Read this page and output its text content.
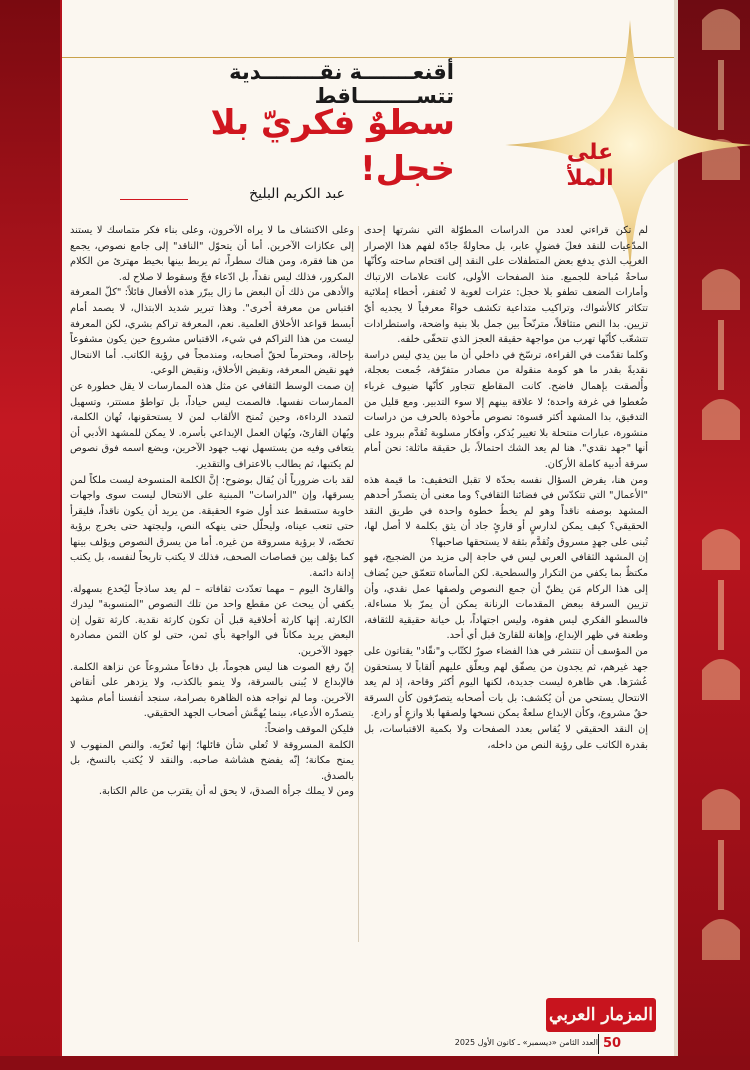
على الملأ
أقنعـــــــة نقــــــــدية تتســــــــاقط
سطوٌ فكريّ بلا خجل!
عبد الكريم البليخ

لم تكن قراءتي لعدد من الدراسات المطوّلة التي نشرتها إحدى المدّعيات للنقد فعلَ فضولٍ عابر، بل محاولةً جادّة لفهم هذا الإصرار الغريب الذي يدفع بعض المتطفلات على النقد إلى اقتحام ساحته وكأنّها ساحةٌ مُباحة للجميع. منذ الصفحات الأولى، كانت علامات الارتباك وأمارات الضعف تطفو بلا خجل: عثرات لغوية لا تُغتفر، أخطاء إملائية تتكاثر كالأشواك، وتراكيب متداعية تكشف خواءً معرفياً لا يجديه أيّ تزيين. بدا النص متثاقلاً، مترنّحاً بين جمل بلا بنية واضحة، واستطرادات تتشعّب كأنّها تهرب من مواجهة حقيقة العجز الذي تتخفّى خلفه.

وكلما تقدّمت في القراءة، ترسّخ في داخلي أن ما بين يدي ليس دراسة نقديةً بقدر ما هو كومة منقولة من مصادر متفرّقة، جُمعت بعجلة، وأُلصقت بإهمال فاضح. كانت المقاطع تتجاور كأنّها ضيوف غرباء ضُغطوا في غرفة واحدة؛ لا علاقة بينهم إلا سوء التدبير. ومع قليل من التدقيق، بدا المشهد أكثر قسوة: نصوص مأخوذة بالحرف من دراسات منشورة، عبارات منتحلة بلا تغيير يُذكر، وأفكار مسلوبة تُقدَّم ببرود على أنها "جهد نقدي". هنا لم يعد الشك احتمالاً، بل حقيقة ماثلة: نحن أمام سرقة أدبية كاملة الأركان.

ومن هنا، يفرض السؤال نفسه بحدّة لا تقبل التخفيف: ما قيمة هذه "الأعمال" التي تتكدّس في فضائنا الثقافي؟ وما معنى أن يتصدّر أحدهم المشهد بوصفه ناقداً وهو لم يخطُ خطوة واحدة في طريق النقد الحقيقي؟ كيف يمكن لدارسٍ أو قارئٍ جاد أن يثق بكلمة لا أصل لها، تُبنى على جهدٍ مسروق وتُقدَّم بثقة لا يستحقها صاحبها؟

إن المشهد الثقافي العربي ليس في حاجة إلى مزيد من الضجيج، فهو مكتظٌ بما يكفي من التكرار والسطحية. لكن المأساة تتعمّق حين يُضاف إلى هذا الركام مَن يظنّ أن جمع النصوص ولصقها عمل نقدي، وأن تزيين السرقة ببعض المقدمات الرنانة يمكن أن يمرّ بلا مساءلة. فالسطو الفكري ليس هفوة، وليس اجتهاداً، بل خيانة حقيقية للثقافة، وطعنة في ظهر الإبداع، وإهانة للقارئ قبل أي أحد.

من المؤسف أن تنتشر في هذا الفضاء صورٌ لكتّاب و"نقّاد" يقتاتون على جهد غيرهم، ثم يجدون من يصفّق لهم ويعلّق عليهم ألقاباً لا يستحقون عُشرَها. هي ظاهرة ليست جديدة، لكنها اليوم أكثر وقاحة، إذ لم يعد الانتحال يستحي من أن يُكشف: بل بات أصحابه يتصرّفون كأن السرقة حقٌ مشروع، وكأن الإبداع سلعةٌ يمكن نسخها ولصقها بلا وازعٍ أو رادع.

إن النقد الحقيقي لا يُقاس بعدد الصفحات ولا بكمية الاقتباسات، بل بقدرة الكاتب على رؤية النص من داخله،

وعلى الاكتشاف ما لا يراه الآخرون، وعلى بناء فكر متماسك لا يستند إلى عكازات الآخرين. أما أن يتحوّل "الناقد" إلى جامع نصوص، يجمع من هنا فقرة، ومن هناك سطراً، ثم يربط بينها بخيط مهترئ من الكلام المكرور، فذلك ليس نقداً، بل ادّعاء فجّ وسقوط لا صلاح له.

والأدهى من ذلك أن البعض ما زال يبرّر هذه الأفعال قائلاً: "كلّ المعرفة اقتباس من معرفة أخرى". وهذا تبرير شديد الابتذال، لا يصمد أمام أبسط قواعد الأخلاق العلمية. نعم، المعرفة تراكم بشري، لكن المعرفة ليست من هذا التراكم في شيء، الاقتباس مشروع حين يكون مشفوعاً بإحالة، ومحترماً لحقّ أصحابه، ومندمجاً في رؤية الكاتب. أما الانتحال فهو نقيض المعرفة، ونقيض الأخلاق، ونقيض الوعي.

إن صمت الوسط الثقافي عن مثل هذه الممارسات لا يقل خطورة عن الممارسات نفسها. فالصمت ليس حياداً، بل تواطؤ مستتر، وتسهيل لتمدد الرداءة، وحين تُمنح الألقاب لمن لا يستحقونها، تُهان الكلمة، ويُهان القارئ، ويُهان العمل الإبداعي بأسره. لا يمكن للمشهد الأدبي أن يتعافى وفيه من يستسهل نهب جهود الآخرين، ويضع اسمه فوق نصوص لم يكتبها، ثم يطالب بالاعتراف والتقدير.

لقد بات ضرورياً أن يُقال بوضوح: إنَّ الكلمة المنسوخة ليست ملكاً لمن يسرقها، وإن "الدراسات" المبنية على الانتحال ليست سوى واجهات خاوية ستسقط عند أول ضوء الحقيقة. من يريد أن يكون ناقداً، فليقرأ حتى تتعب عيناه، وليحلّل حتى ينهكه النص، وليجتهد حتى يخرج برؤية تخصّه، لا برؤية مسروقة من غيره. أما من يسرق النصوص ويؤلف بينها كما يؤلف بين قصاصات الصحف، فذلك لا يكتب تاريخاً لنفسه، بل يكتب إدانة دائمة.

والقارئ اليوم – مهما تعدّدت ثقافاته – لم يعد ساذجاً ليُخدع بسهولة. يكفي أن يبحث عن مقطع واحد من تلك النصوص "المنسوبة" ليدرك الكارثة. إنها كارثة أخلاقية قبل أن تكون كارثة نقدية. كارثة تقول إن البعض يريد مكاناً في الواجهة بأي ثمن، حتى لو كان الثمن مصادرة جهود الآخرين.

إنّ رفع الصوت هنا ليس هجوماً، بل دفاعاً مشروعاً عن نزاهة الكلمة. فالإبداع لا يُبنى بالسرقة، ولا ينمو بالكذب، ولا يزدهر على أنقاض الآخرين. وما لم نواجه هذه الظاهرة بصرامة، سنجد أنفسنا أمام مشهد يتصدّره الأدعياء، بينما يُهمَّش أصحاب الجهد الحقيقي.

فليكن الموقف واضحاً:

الكلمة المسروقة لا تُعلي شأن قائلها؛ إنها تُعرّيه. والنص المنهوب لا يمنح مكانة؛ إنّه يفضح هشاشة صاحبه. والنقد لا يُكتب بالنسخ، بل بالصدق.

ومن لا يملك جرأة الصدق، لا يحق له أن يقترب من عالم الكتابة.

المزمار العربي
50
العدد الثامن «ديسمبر» ـ كانون الأول 2025
